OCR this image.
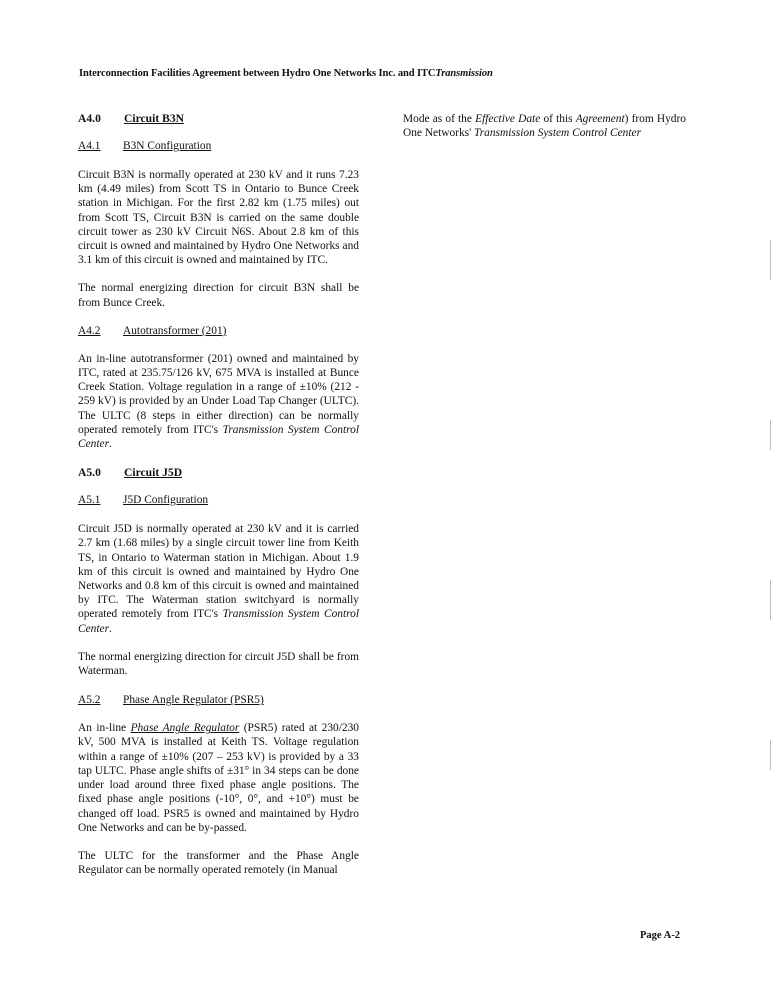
Interconnection Facilities Agreement between Hydro One Networks Inc. and ITCTransmission
A4.0 Circuit B3N
A4.1 B3N Configuration

Circuit B3N is normally operated at 230 kV and it runs 7.23 km (4.49 miles) from Scott TS in Ontario to Bunce Creek station in Michigan. For the first 2.82 km (1.75 miles) out from Scott TS, Circuit B3N is carried on the same double circuit tower as 230 kV Circuit N6S. About 2.8 km of this circuit is owned and maintained by Hydro One Networks and 3.1 km of this circuit is owned and maintained by ITC.

The normal energizing direction for circuit B3N shall be from Bunce Creek.

A4.2 Autotransformer (201)

An in-line autotransformer (201) owned and maintained by ITC, rated at 235.75/126 kV, 675 MVA is installed at Bunce Creek Station. Voltage regulation in a range of ±10% (212 - 259 kV) is provided by an Under Load Tap Changer (ULTC). The ULTC (8 steps in either direction) can be normally operated remotely from ITC's Transmission System Control Center.

A5.0 Circuit J5D
A5.1 J5D Configuration

Circuit J5D is normally operated at 230 kV and it is carried 2.7 km (1.68 miles) by a single circuit tower line from Keith TS, in Ontario to Waterman station in Michigan. About 1.9 km of this circuit is owned and maintained by Hydro One Networks and 0.8 km of this circuit is owned and maintained by ITC. The Waterman station switchyard is normally operated remotely from ITC's Transmission System Control Center.

The normal energizing direction for circuit J5D shall be from Waterman.

A5.2 Phase Angle Regulator (PSR5)

An in-line Phase Angle Regulator (PSR5) rated at 230/230 kV, 500 MVA is installed at Keith TS. Voltage regulation within a range of ±10% (207 – 253 kV) is provided by a 33 tap ULTC. Phase angle shifts of ±31° in 34 steps can be done under load around three fixed phase angle positions. The fixed phase angle positions (-10°, 0°, and +10°) must be changed off load. PSR5 is owned and maintained by Hydro One Networks and can be by-passed.

The ULTC for the transformer and the Phase Angle Regulator can be normally operated remotely (in Manual

Mode as of the Effective Date of this Agreement) from Hydro One Networks' Transmission System Control Center

Page A-2
